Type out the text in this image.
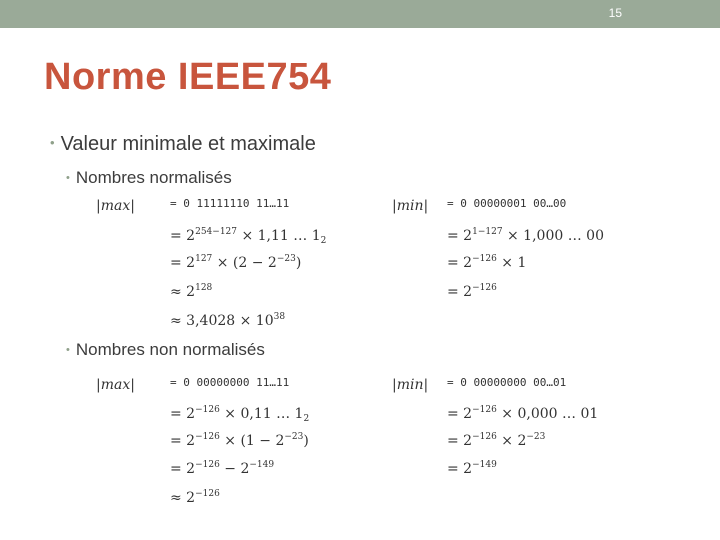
15
Norme IEEE754
• Valeur minimale et maximale
• Nombres normalisés
• Nombres non normalisés
|max|	= 0 11111110 11…11
= $2^{254-127} \times 1,11$ … $1_2$
= $2^{127} \times (2 - 2^{-23})$
≈ $2^{128}$
≈ $3,4028 \times 10^{38}$
|min| = 0 00000001 00…00
= $2^{1-127} \times 1,000$ … 00
= $2^{-126} \times 1$
= $2^{-126}$
|max|	= 0 00000000 11…11
= $2^{-126} \times 0,11$ … $1_2$
= $2^{-126} \times (1 - 2^{-23})$
= $2^{-126} - 2^{-149}$
≈ $2^{-126}$
|min| = 0 00000000 00…01
= $2^{-126} \times 0,000$ … 01
= $2^{-126} \times 2^{-23}$
= $2^{-149}$
